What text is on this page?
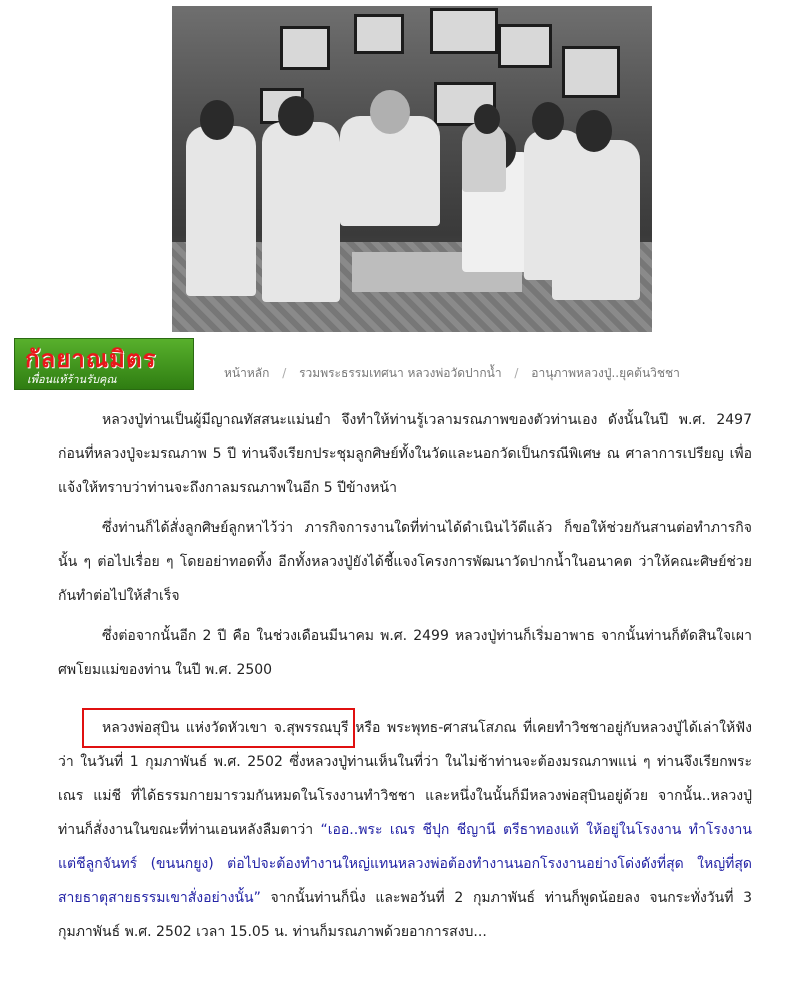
กัลยาณมิตร
เพื่อนแท้ร้านรับคุณ	หน้าหลัก / รวมพระธรรมเทศนา หลวงพ่อวัดปากน้ำ / อานุภาพหลวงปู่..ยุคต้นวิชชา

หลวงปู่ท่านเป็นผู้มีญาณทัสสนะแม่นยำ จึงทำให้ท่านรู้เวลามรณภาพของตัวท่านเอง ดังนั้นในปี พ.ศ. 2497 ก่อนที่หลวงปู่จะมรณภาพ 5 ปี ท่านจึงเรียกประชุมลูกศิษย์ทั้งในวัดและนอกวัดเป็นกรณีพิเศษ ณ ศาลาการเปรียญ เพื่อแจ้งให้ทราบว่าท่านจะถึงกาลมรณภาพในอีก 5 ปีข้างหน้า

ซึ่งท่านก็ได้สั่งลูกศิษย์ลูกหาไว้ว่า ภารกิจการงานใดที่ท่านได้ดำเนินไว้ดีแล้ว ก็ขอให้ช่วยกันสานต่อทำภารกิจนั้น ๆ ต่อไปเรื่อย ๆ โดยอย่าทอดทิ้ง อีกทั้งหลวงปู่ยังได้ชี้แจงโครงการพัฒนาวัดปากน้ำในอนาคต ว่าให้คณะศิษย์ช่วยกันทำต่อไปให้สำเร็จ

ซึ่งต่อจากนั้นอีก 2 ปี คือ ในช่วงเดือนมีนาคม พ.ศ. 2499 หลวงปู่ท่านก็เริ่มอาพาธ จากนั้นท่านก็ตัดสินใจเผาศพโยมแม่ของท่าน ในปี พ.ศ. 2500

หลวงพ่อสุบิน แห่งวัดหัวเขา จ.สุพรรณบุรี หรือ พระพุทธ-ศาสนโสภณ ที่เคยทำวิชชาอยู่กับหลวงปู่ได้เล่าให้ฟังว่า ในวันที่ 1 กุมภาพันธ์ พ.ศ. 2502 ซึ่งหลวงปู่ท่านเห็นในที่ว่า ในไม่ช้าท่านจะต้องมรณภาพแน่ ๆ ท่านจึงเรียกพระ เณร แม่ชี ที่ได้ธรรมกายมารวมกันหมดในโรงงานทำวิชชา และหนึ่งในนั้นก็มีหลวงพ่อสุบินอยู่ด้วย จากนั้น..หลวงปู่ท่านก็สั่งงานในขณะที่ท่านเอนหลังลืมตาว่า “เออ..พระ เณร ชีปุก ชีญานี ตรีธาทองแท้ ให้อยู่ในโรงงาน ทำโรงงาน แต่ชีลูกจันทร์ (ขนนกยูง) ต่อไปจะต้องทำงานใหญ่แทนหลวงพ่อต้องทำงานนอกโรงงานอย่างโด่งดังที่สุด ใหญ่ที่สุด สายธาตุสายธรรมเขาสั่งอย่างนั้น” จากนั้นท่านก็นิ่ง และพอวันที่ 2 กุมภาพันธ์ ท่านก็พูดน้อยลง จนกระทั่งวันที่ 3 กุมภาพันธ์ พ.ศ. 2502 เวลา 15.05 น. ท่านก็มรณภาพด้วยอาการสงบ...
